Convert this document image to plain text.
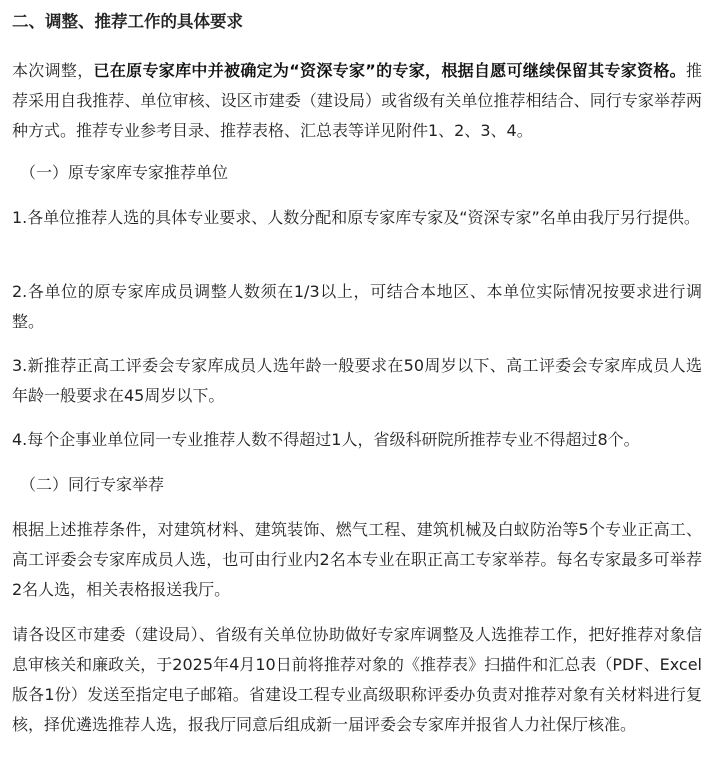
二、调整、推荐工作的具体要求

本次调整，已在原专家库中并被确定为“资深专家”的专家，根据自愿可继续保留其专家资格。推荐采用自我推荐、单位审核、设区市建委（建设局）或省级有关单位推荐相结合、同行专家举荐两种方式。推荐专业参考目录、推荐表格、汇总表等详见附件1、2、3、4。

（一）原专家库专家推荐单位

1.各单位推荐人选的具体专业要求、人数分配和原专家库专家及“资深专家”名单由我厅另行提供。

2.各单位的原专家库成员调整人数须在1/3以上，可结合本地区、本单位实际情况按要求进行调整。

3.新推荐正高工评委会专家库成员人选年龄一般要求在50周岁以下、高工评委会专家库成员人选年龄一般要求在45周岁以下。

4.每个企事业单位同一专业推荐人数不得超过1人，省级科研院所推荐专业不得超过8个。

（二）同行专家举荐

根据上述推荐条件，对建筑材料、建筑装饰、燃气工程、建筑机械及白蚁防治等5个专业正高工、高工评委会专家库成员人选，也可由行业内2名本专业在职正高工专家举荐。每名专家最多可举荐2名人选，相关表格报送我厅。

请各设区市建委（建设局）、省级有关单位协助做好专家库调整及人选推荐工作，把好推荐对象信息审核关和廉政关，于2025年4月10日前将推荐对象的《推荐表》扫描件和汇总表（PDF、Excel版各1份）发送至指定电子邮箱。省建设工程专业高级职称评委办负责对推荐对象有关材料进行复核，择优遴选推荐人选，报我厅同意后组成新一届评委会专家库并报省人力社保厅核准。
